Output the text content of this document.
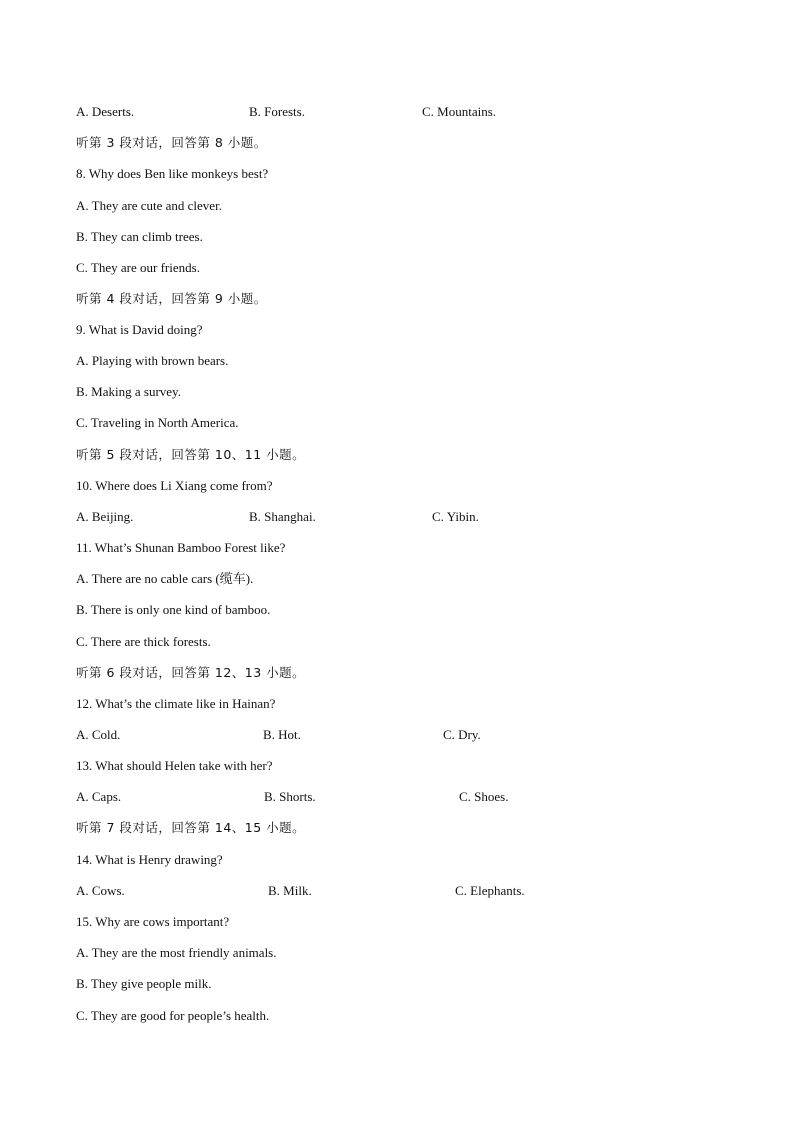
A. Deserts.	B. Forests.	C. Mountains.
听第 3 段对话，回答第 8 小题。
8. Why does Ben like monkeys best?
A. They are cute and clever.
B. They can climb trees.
C. They are our friends.
听第 4 段对话，回答第 9 小题。
9. What is David doing?
A. Playing with brown bears.
B. Making a survey.
C. Traveling in North America.
听第 5 段对话，回答第 10、11 小题。
10. Where does Li Xiang come from?
A. Beijing.	B. Shanghai.	C. Yibin.
11. What’s Shunan Bamboo Forest like?
A. There are no cable cars (缆车).
B. There is only one kind of bamboo.
C. There are thick forests.
听第 6 段对话，回答第 12、13 小题。
12. What’s the climate like in Hainan?
A. Cold.	B. Hot.	C. Dry.
13. What should Helen take with her?
A. Caps.	B. Shorts.	C. Shoes.
听第 7 段对话，回答第 14、15 小题。
14. What is Henry drawing?
A. Cows.	B. Milk.	C. Elephants.
15. Why are cows important?
A. They are the most friendly animals.
B. They give people milk.
C. They are good for people’s health.
